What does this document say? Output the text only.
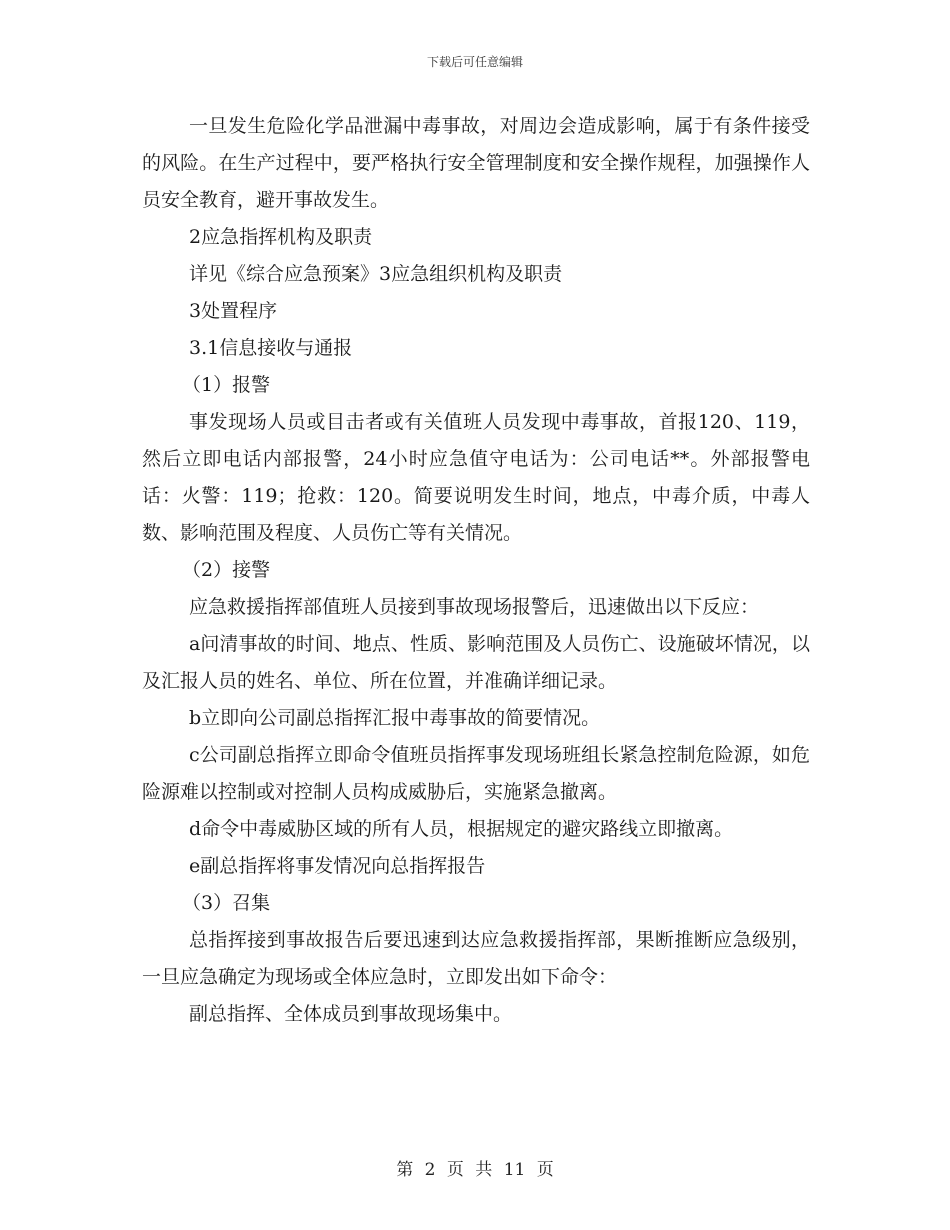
下载后可任意编辑

一旦发生危险化学品泄漏中毒事故，对周边会造成影响，属于有条件接受的风险。在生产过程中，要严格执行安全管理制度和安全操作规程，加强操作人员安全教育，避开事故发生。

2应急指挥机构及职责

详见《综合应急预案》3应急组织机构及职责

3处置程序

3.1信息接收与通报

（1）报警

事发现场人员或目击者或有关值班人员发现中毒事故，首报120、119，然后立即电话内部报警，24小时应急值守电话为：公司电话**。外部报警电话：火警：119；抢救：120。简要说明发生时间，地点，中毒介质，中毒人数、影响范围及程度、人员伤亡等有关情况。

（2）接警

应急救援指挥部值班人员接到事故现场报警后，迅速做出以下反应：

a问清事故的时间、地点、性质、影响范围及人员伤亡、设施破坏情况，以及汇报人员的姓名、单位、所在位置，并准确详细记录。

b立即向公司副总指挥汇报中毒事故的简要情况。

c公司副总指挥立即命令值班员指挥事发现场班组长紧急控制危险源，如危险源难以控制或对控制人员构成威胁后，实施紧急撤离。

d命令中毒威胁区域的所有人员，根据规定的避灾路线立即撤离。

e副总指挥将事发情况向总指挥报告

（3）召集

总指挥接到事故报告后要迅速到达应急救援指挥部，果断推断应急级别，一旦应急确定为现场或全体应急时，立即发出如下命令：

副总指挥、全体成员到事故现场集中。

第 2 页 共 11 页
